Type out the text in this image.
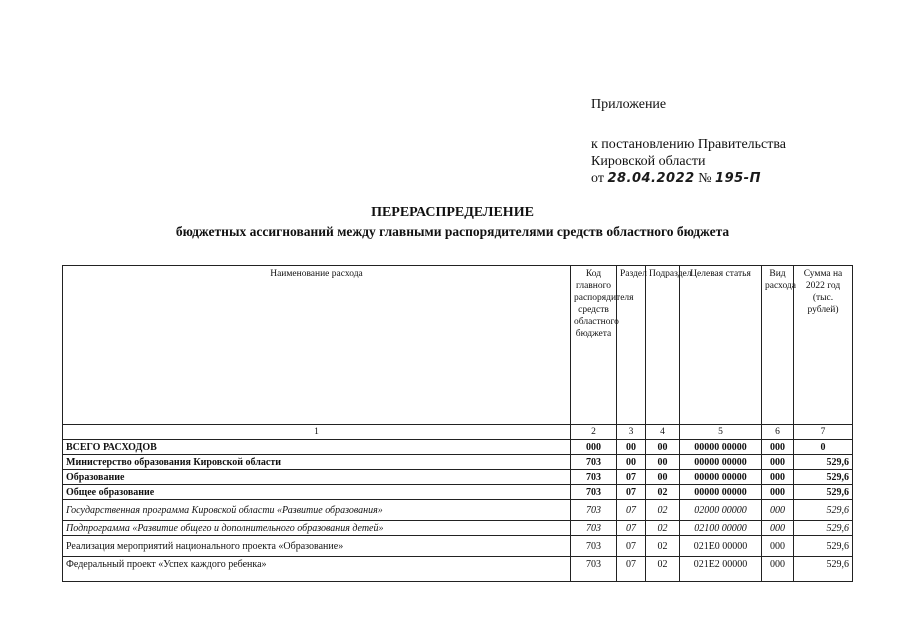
Приложение
к постановлению Правительства
Кировской области
от 28.04.2022 № 195-П
ПЕРЕРАСПРЕДЕЛЕНИЕ
бюджетных ассигнований между главными распорядителями средств областного бюджета
Наименование расхода	Код главного распорядителя средств областного бюджета	Раздел	Подраздел	Целевая статья	Вид расхода	Сумма на 2022 год (тыс. рублей)
1	2	3	4	5	6	7
ВСЕГО РАСХОДОВ	000	00	00	00000 00000	000	0
Министерство образования Кировской области	703	00	00	00000 00000	000	529,6
Образование	703	07	00	00000 00000	000	529,6
Общее образование	703	07	02	00000 00000	000	529,6
Государственная программа Кировской области «Развитие образования»	703	07	02	02000 00000	000	529,6
Подпрограмма «Развитие общего и дополнительного образования детей»	703	07	02	02100 00000	000	529,6
Реализация мероприятий национального проекта «Образование»	703	07	02	021E0 00000	000	529,6
Федеральный проект «Успех каждого ребенка»	703	07	02	021E2 00000	000	529,6
